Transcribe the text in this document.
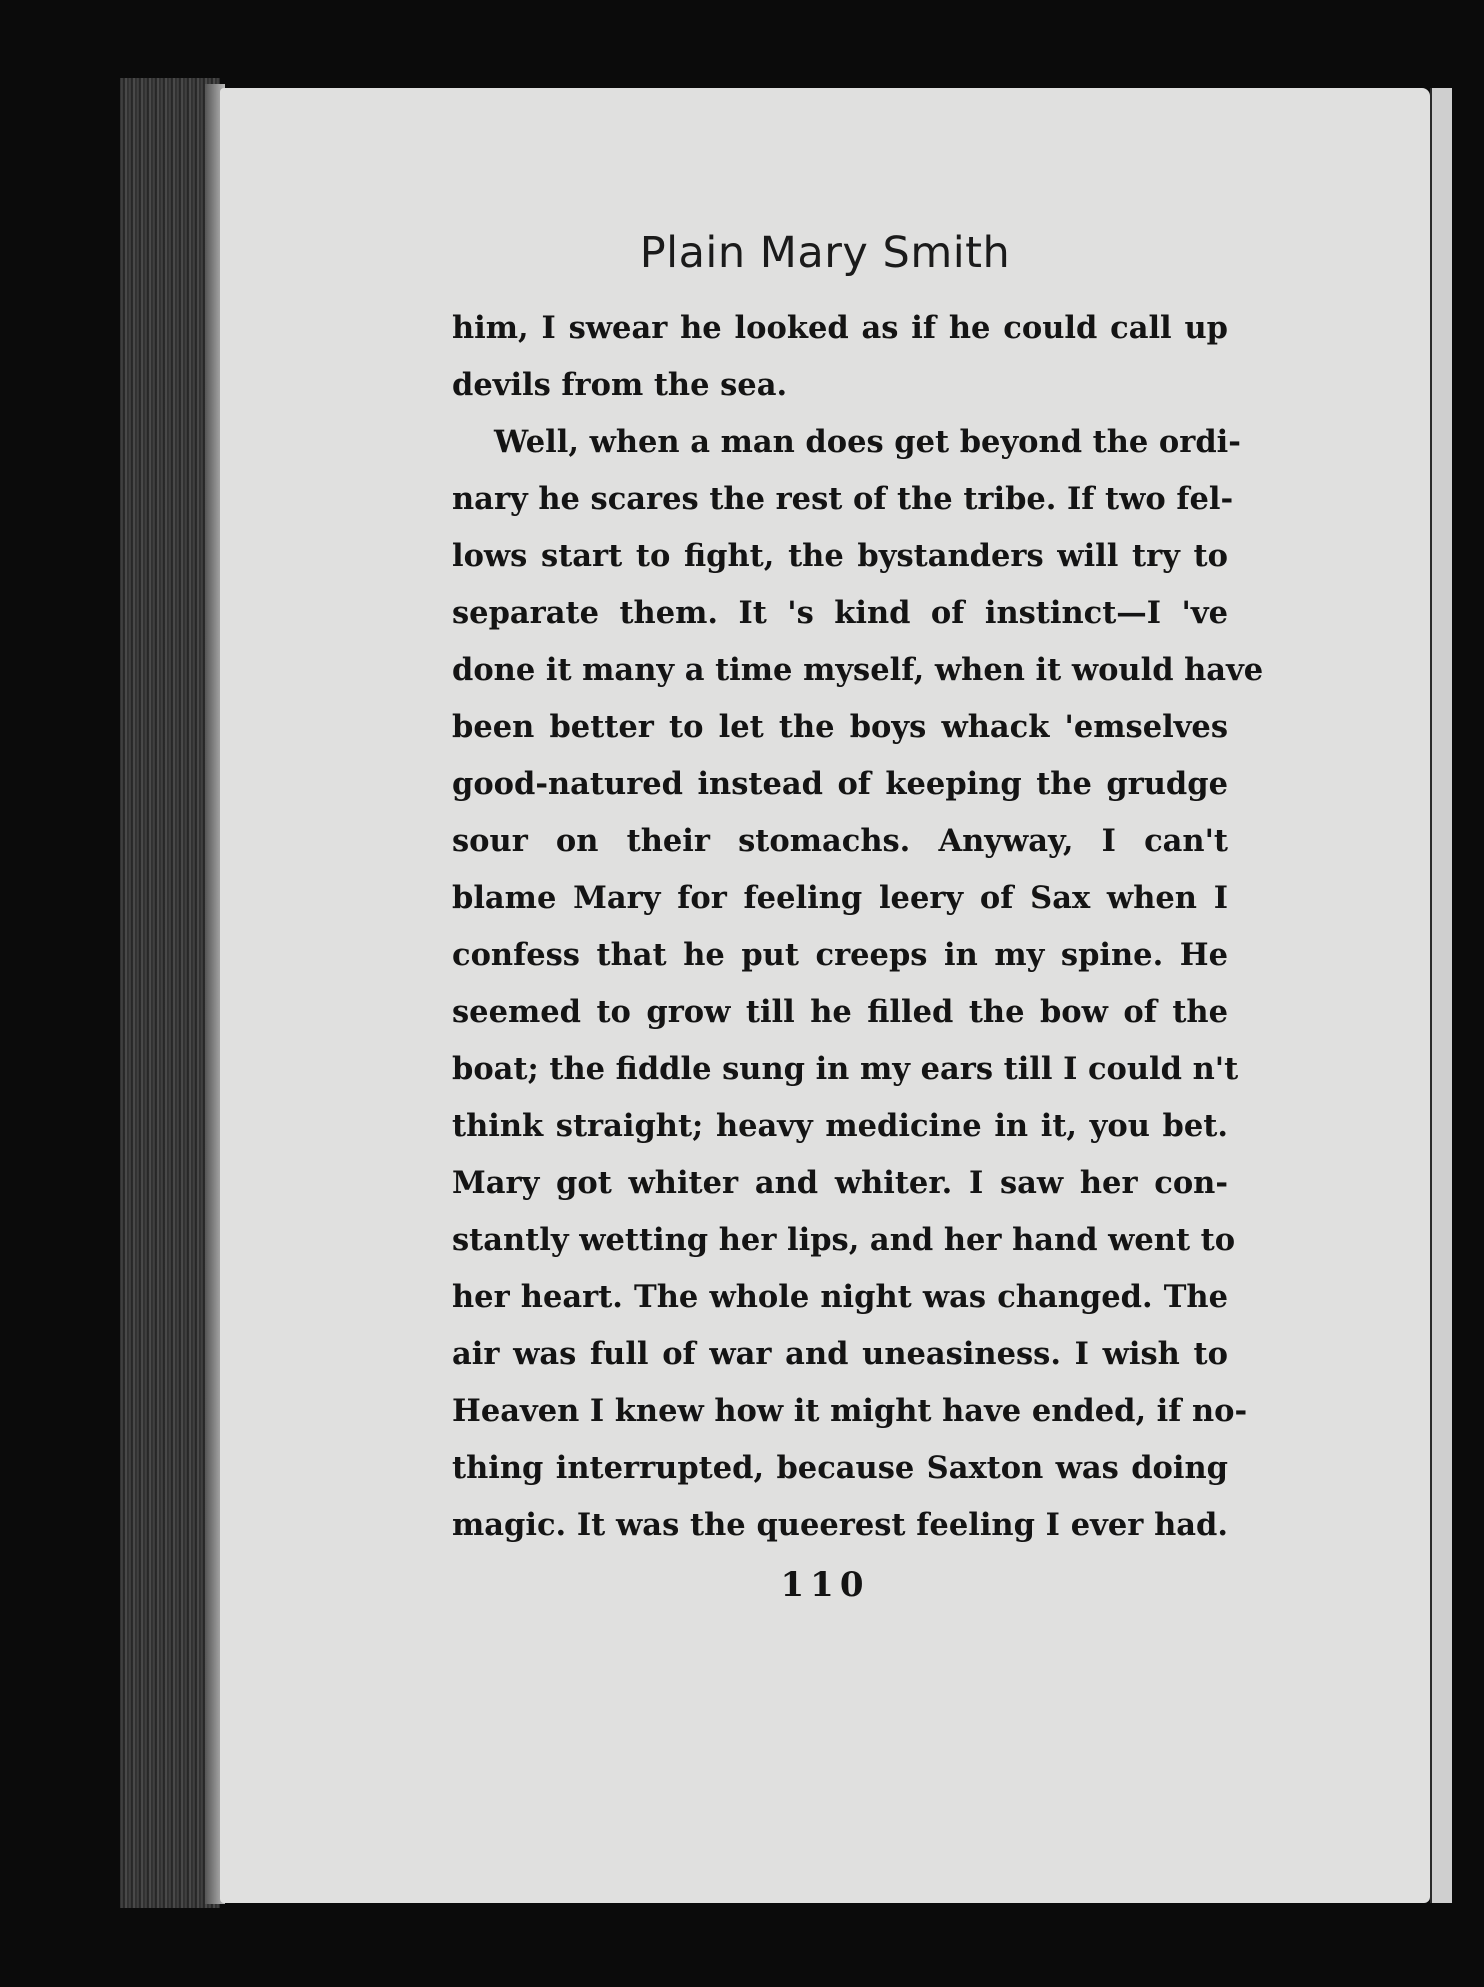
Plain Mary Smith
him, I swear he looked as if he could call up
devils from the sea.
Well, when a man does get beyond the ordi-
nary he scares the rest of the tribe. If two fel-
lows start to fight, the bystanders will try to
separate them. It 's kind of instinct—I 've
done it many a time myself, when it would have
been better to let the boys whack 'emselves
good-natured instead of keeping the grudge
sour on their stomachs. Anyway, I can't
blame Mary for feeling leery of Sax when I
confess that he put creeps in my spine. He
seemed to grow till he filled the bow of the
boat; the fiddle sung in my ears till I could n't
think straight; heavy medicine in it, you bet.
Mary got whiter and whiter. I saw her con-
stantly wetting her lips, and her hand went to
her heart. The whole night was changed. The
air was full of war and uneasiness. I wish to
Heaven I knew how it might have ended, if no-
thing interrupted, because Saxton was doing
magic. It was the queerest feeling I ever had.
110
